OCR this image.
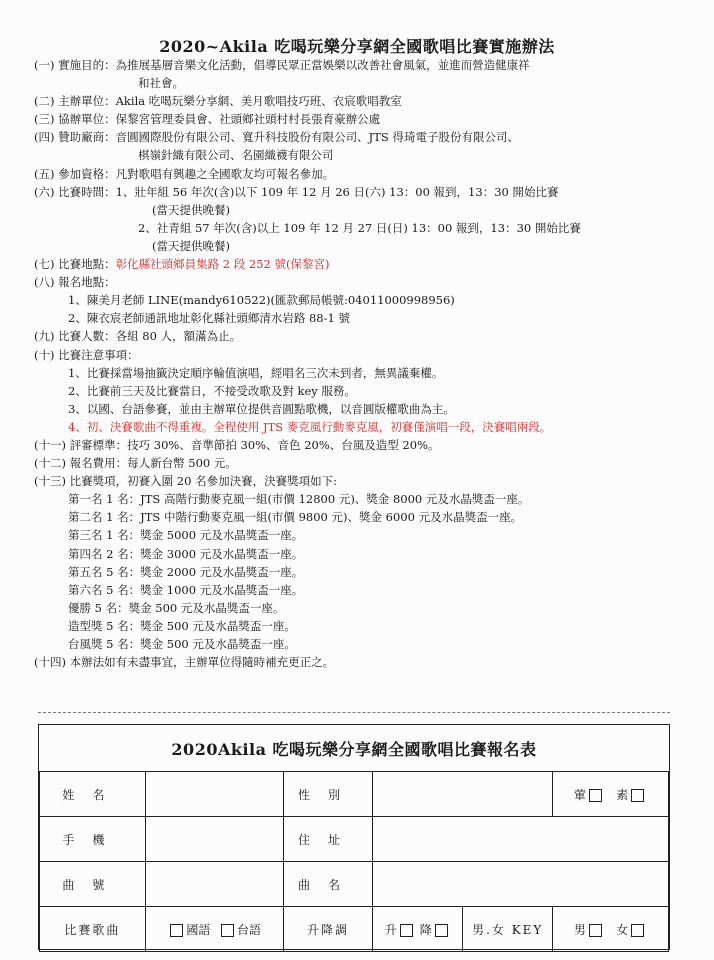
2020~Akila 吃喝玩樂分享網全國歌唱比賽實施辦法
(一) 實施目的：為推展基層音樂文化活動，倡導民眾正當娛樂以改善社會風氣，並進而營造健康祥
和社會。
(二) 主辦單位：Akila 吃喝玩樂分享網、美月歌唱技巧班、衣宸歌唱教室
(三) 協辦單位：保黎宮管理委員會、社頭鄉社頭村村長張育豪辦公處
(四) 贊助廠商：音圓國際股份有限公司、寬升科技股份有限公司、JTS 得琦電子股份有限公司、
棋嶺針織有限公司、名園織襪有限公司
(五) 參加資格：凡對歌唱有興趣之全國歌友均可報名參加。
(六) 比賽時間：1、壯年組 56 年次(含)以下 109 年 12 月 26 日(六) 13：00 報到，13：30 開始比賽
(當天提供晚餐)
2、社青組 57 年次(含)以上 109 年 12 月 27 日(日) 13：00 報到，13：30 開始比賽
(當天提供晚餐)
(七) 比賽地點：彰化縣社頭鄉員集路 2 段 252 號(保黎宮)
(八) 報名地點：
1、陳美月老師 LINE(mandy610522)(匯款郵局帳號:04011000998956)
2、陳衣宸老師通訊地址彰化縣社頭鄉清水岩路 88-1 號
(九) 比賽人數：各組 80 人，額滿為止。
(十) 比賽注意事項：
1、比賽採當場抽籤決定順序輪值演唱，經唱名三次未到者，無異議棄權。
2、比賽前三天及比賽當日，不接受改歌及對 key 服務。
3、以國、台語參賽，並由主辦單位提供音圓點歌機，以音圓版權歌曲為主。
4、初、決賽歌曲不得重複。全程使用 JTS 麥克風行動麥克風，初賽僅演唱一段，決賽唱兩段。
(十一) 評審標準：技巧 30%、音準節拍 30%、音色 20%、台風及造型 20%。
(十二) 報名費用：每人新台幣 500 元。
(十三) 比賽獎項，初賽入圍 20 名參加決賽，決賽獎項如下:
第一名 1 名：JTS 高階行動麥克風一組(市價 12800 元)、獎金 8000 元及水晶獎盃一座。
第二名 1 名：JTS 中階行動麥克風一組(市價 9800 元)、獎金 6000 元及水晶獎盃一座。
第三名 1 名：獎金 5000 元及水晶獎盃一座。
第四名 2 名：獎金 3000 元及水晶獎盃一座。
第五名 5 名：獎金 2000 元及水晶獎盃一座。
第六名 5 名：獎金 1000 元及水晶獎盃一座。
優勝 5 名：獎金 500 元及水晶獎盃一座。
造型獎 5 名：獎金 500 元及水晶獎盃一座。
台風獎 5 名：獎金 500 元及水晶獎盃一座。
(十四) 本辦法如有未盡事宜，主辦單位得隨時補充更正之。
2020Akila 吃喝玩樂分享網全國歌唱比賽報名表
姓名		性別			葷 素
手機		住址			
曲號		曲名			
比賽歌曲	國語 台語	升降調	升 降	男.女 KEY	男 女
